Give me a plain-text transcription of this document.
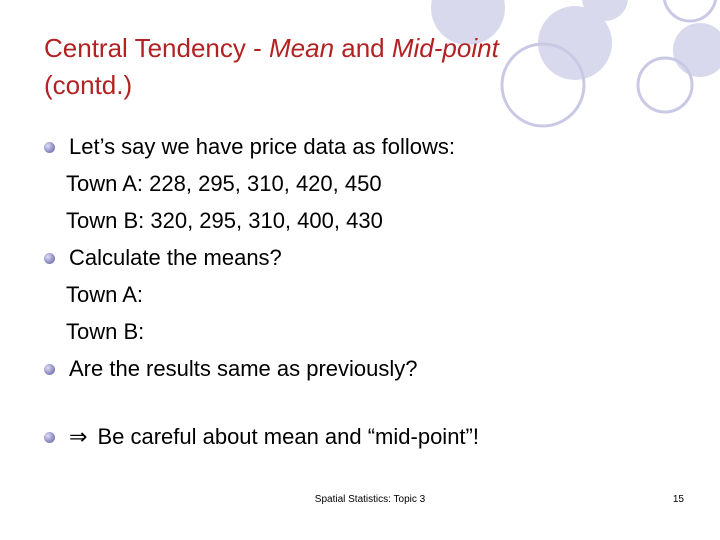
Central Tendency - Mean and Mid-point
(contd.)
Let’s say we have price data as follows:
Town A: 228, 295, 310, 420, 450
Town B: 320, 295, 310, 400, 430
Calculate the means?
Town A:
Town B:
Are the results same as previously?
⇒ Be careful about mean and “mid-point”!
Spatial Statistics: Topic 3	15
